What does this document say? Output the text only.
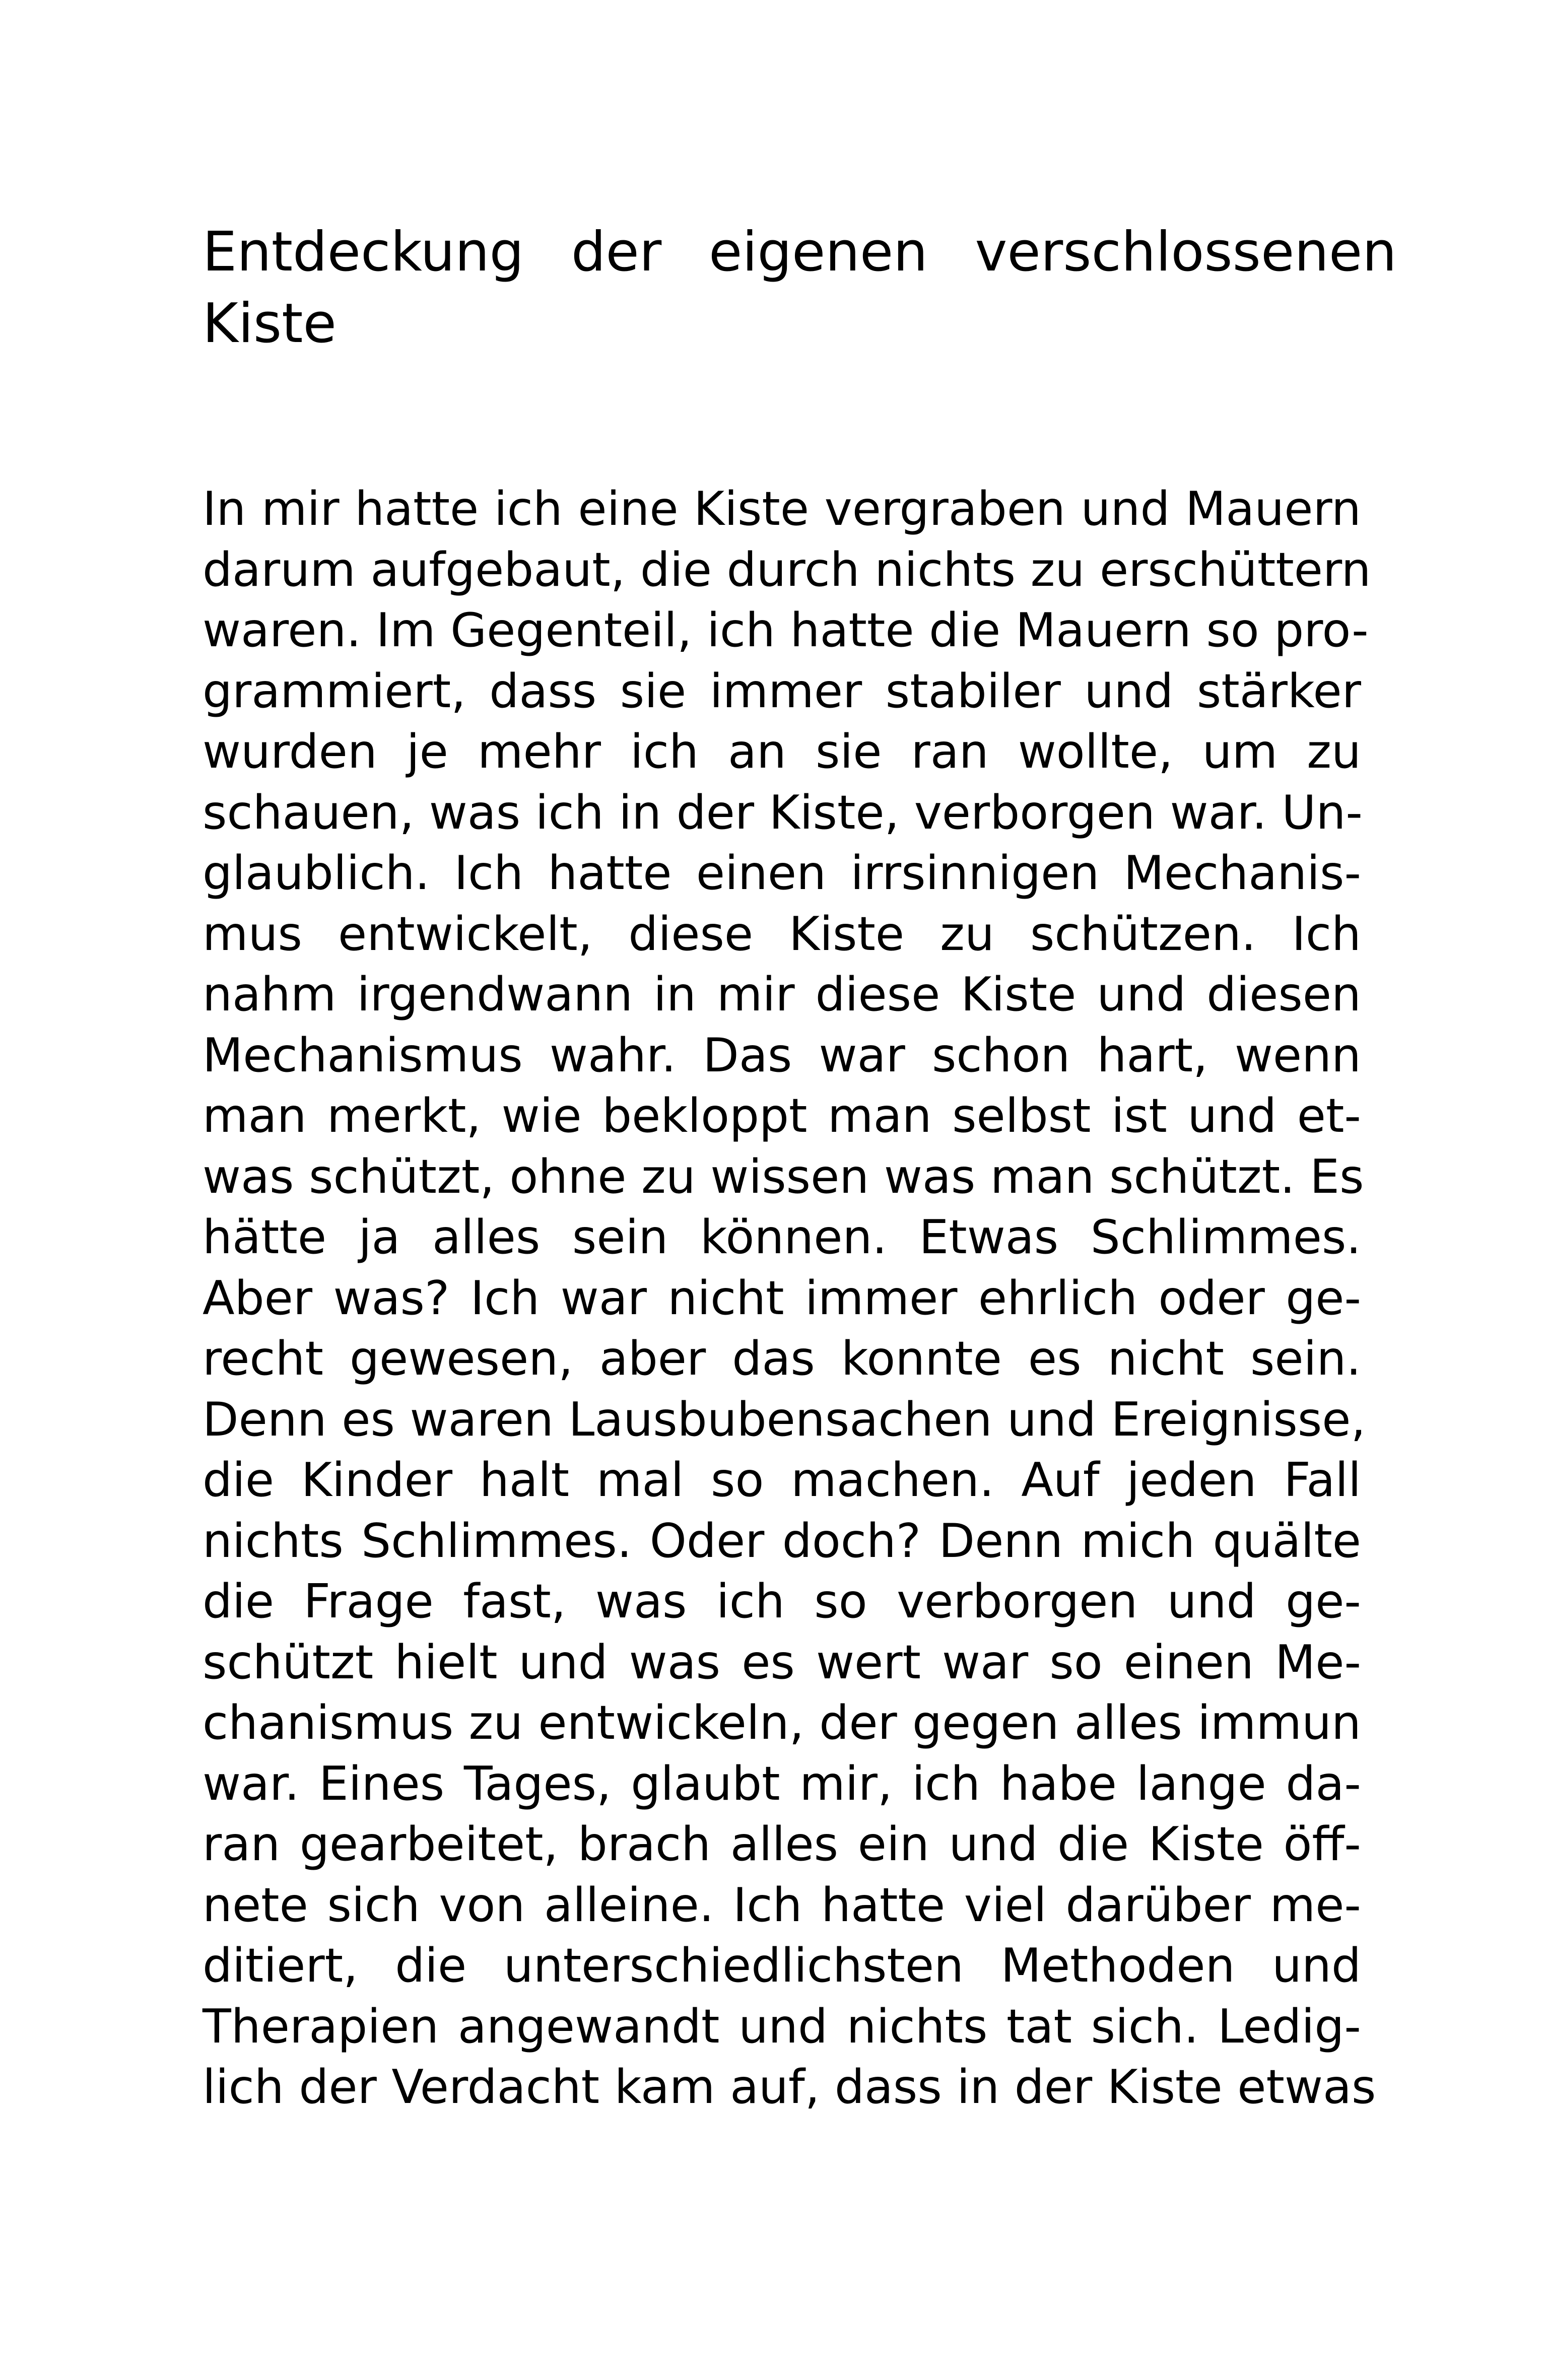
Entdeckung der eigenen verschlossenen
Kiste
In mir hatte ich eine Kiste vergraben und Mauern
darum aufgebaut, die durch nichts zu erschüttern
waren. Im Gegenteil, ich hatte die Mauern so pro-
grammiert, dass sie immer stabiler und stärker
wurden je mehr ich an sie ran wollte, um zu
schauen, was ich in der Kiste, verborgen war. Un-
glaublich. Ich hatte einen irrsinnigen Mechanis-
mus entwickelt, diese Kiste zu schützen. Ich
nahm irgendwann in mir diese Kiste und diesen
Mechanismus wahr. Das war schon hart, wenn
man merkt, wie bekloppt man selbst ist und et-
was schützt, ohne zu wissen was man schützt. Es
hätte ja alles sein können. Etwas Schlimmes.
Aber was? Ich war nicht immer ehrlich oder ge-
recht gewesen, aber das konnte es nicht sein.
Denn es waren Lausbubensachen und Ereignisse,
die Kinder halt mal so machen. Auf jeden Fall
nichts Schlimmes. Oder doch? Denn mich quälte
die Frage fast, was ich so verborgen und ge-
schützt hielt und was es wert war so einen Me-
chanismus zu entwickeln, der gegen alles immun
war. Eines Tages, glaubt mir, ich habe lange da-
ran gearbeitet, brach alles ein und die Kiste öff-
nete sich von alleine. Ich hatte viel darüber me-
ditiert, die unterschiedlichsten Methoden und
Therapien angewandt und nichts tat sich. Ledig-
lich der Verdacht kam auf, dass in der Kiste etwas
